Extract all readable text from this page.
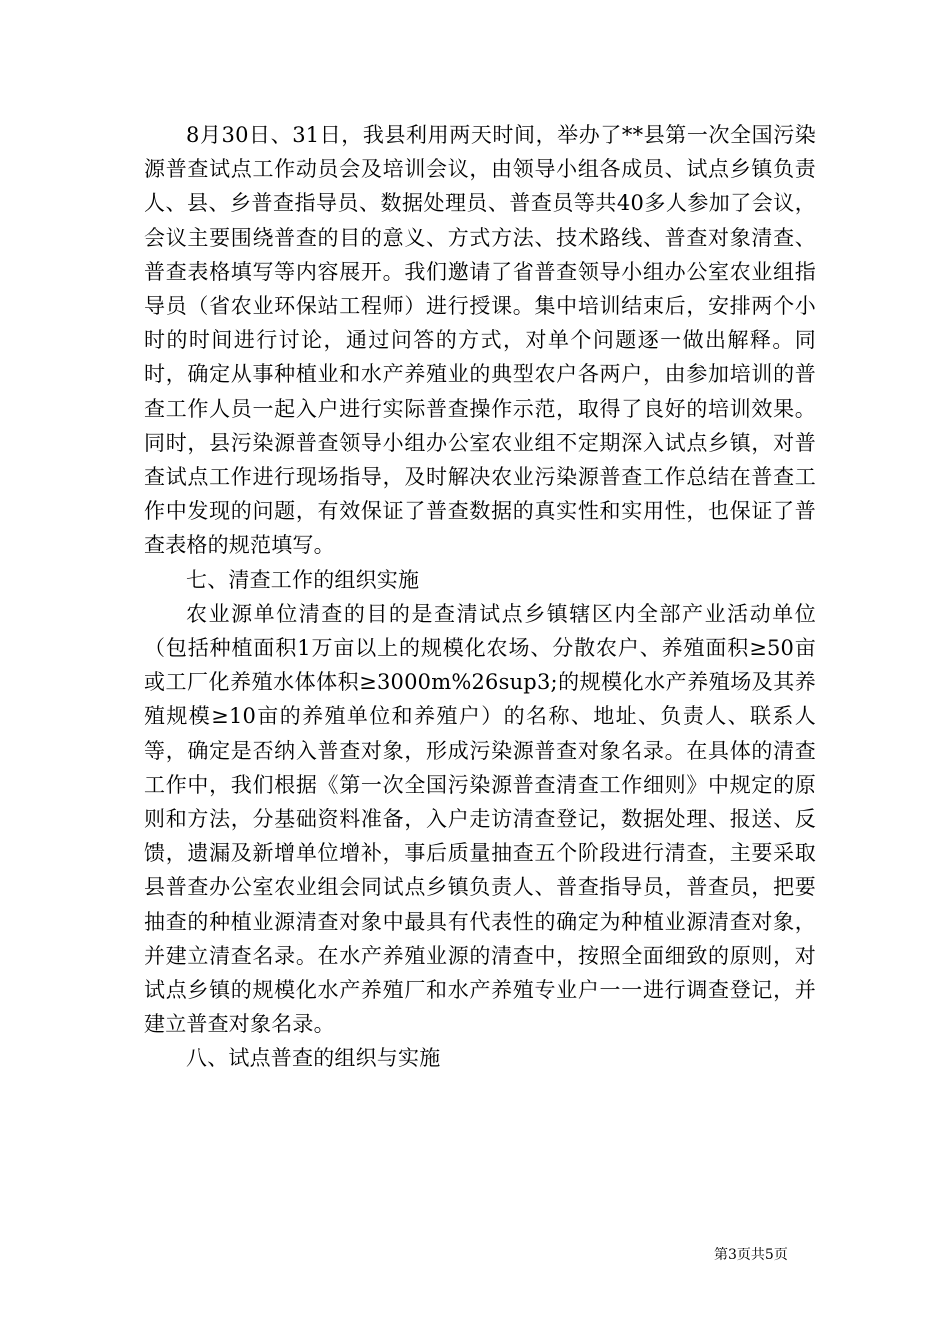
8月30日、31日，我县利用两天时间，举办了**县第一次全国污染源普查试点工作动员会及培训会议，由领导小组各成员、试点乡镇负责人、县、乡普查指导员、数据处理员、普查员等共40多人参加了会议，会议主要围绕普查的目的意义、方式方法、技术路线、普查对象清查、普查表格填写等内容展开。我们邀请了省普查领导小组办公室农业组指导员（省农业环保站工程师）进行授课。集中培训结束后，安排两个小时的时间进行讨论，通过问答的方式，对单个问题逐一做出解释。同时，确定从事种植业和水产养殖业的典型农户各两户，由参加培训的普查工作人员一起入户进行实际普查操作示范，取得了良好的培训效果。同时，县污染源普查领导小组办公室农业组不定期深入试点乡镇，对普查试点工作进行现场指导，及时解决农业污染源普查工作总结在普查工作中发现的问题，有效保证了普查数据的真实性和实用性，也保证了普查表格的规范填写。

七、清查工作的组织实施

农业源单位清查的目的是查清试点乡镇辖区内全部产业活动单位（包括种植面积1万亩以上的规模化农场、分散农户、养殖面积≥50亩或工厂化养殖水体体积≥3000m%26sup3;的规模化水产养殖场及其养殖规模≥10亩的养殖单位和养殖户）的名称、地址、负责人、联系人等，确定是否纳入普查对象，形成污染源普查对象名录。在具体的清查工作中，我们根据《第一次全国污染源普查清查工作细则》中规定的原则和方法，分基础资料准备，入户走访清查登记，数据处理、报送、反馈，遗漏及新增单位增补，事后质量抽查五个阶段进行清查，主要采取县普查办公室农业组会同试点乡镇负责人、普查指导员，普查员，把要抽查的种植业源清查对象中最具有代表性的确定为种植业源清查对象，并建立清查名录。在水产养殖业源的清查中，按照全面细致的原则，对试点乡镇的规模化水产养殖厂和水产养殖专业户一一进行调查登记，并建立普查对象名录。

八、试点普查的组织与实施

第3页共5页
